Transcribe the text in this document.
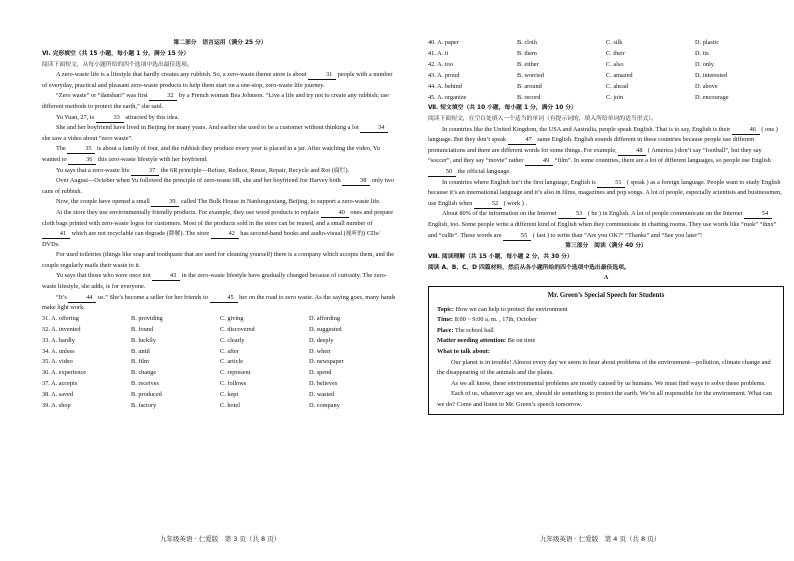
第二部分　语言运用（满分 25 分）
Ⅵ. 完形填空（共 15 小题，每小题 1 分，满分 15 分）
阅读下面短文，从每小题所给的四个选项中选出最佳选项。

A zero-waste life is a lifestyle that hardly creates any rubbish. So, a zero-waste theme store is about	31 people with a number of everyday, practical and pleasant zero-waste products to help them start on a one-stop, zero-waste life journey.

“Zero waste” or “danshari” was first	32 by a French woman Bea Johnson. “Live a life and try not to create any rubbish; use different methods to protect the earth,” she said.

Yu Yuan, 27, is	33 attracted by this idea.

She and her boyfriend have lived in Beijing for many years. And earlier she used to be a customer without thinking a lot	34 she saw a video about “zero waste”.

The	35 is about a family of four, and the rubbish they produce every year is placed in a jar. After watching the video, Yu wanted to	36 this zero-waste lifestyle with her boyfriend.

Yu says that a zero-waste life	37 the 6R principle—Refuse, Reduce, Reuse, Repair, Recycle and Rot (腐烂).

Over August—October when Yu followed the principle of zero-waste 6R, she and her boyfriend Joe Harvey both	38 only two cans of rubbish.

Now, the couple have opened a small	39 called The Bulk House in Nanluoguxiang, Beijing, to support a zero-waste life.

At the store they use environmentally friendly products. For example, they use wood products to replace	40 ones and prepare cloth bags printed with zero-waste logos for customers. Most of the products sold in the store can be reused, and a small number of 41 which are not recyclable can degrade (降解). The store	42 has second-hand books and audio-visual (视听的) CDs/ DVDs.

For used toiletries (things like soap and toothpaste that are used for cleaning yourself) there is a company which accepts them, and the couple regularly mails their waste to it.

Yu says that those who were once not	43 in the zero-waste lifestyle have gradually changed because of curiosity. The zero-waste lifestyle, she adds, is for everyone.

“It’s	44 us.” She’s become a seller for her friends to	45 her on the road to zero waste. As the saying goes, many hands make light work.

31. A. offering	B. providing	C. giving	D. affording
32. A. invented	B. found	C. discovered	D. suggested
33. A. hardly	B. luckily	C. clearly	D. deeply
34. A. unless	B. until	C. after	D. when
35. A. video	B. film	C. article	D. newspaper
36. A. experience	B. change	C. represent	D. spend
37. A. accepts	B. receives	C. follows	D. believes
38. A. saved	B. produced	C. kept	D. wasted
39. A. shop	B. factory	C. hotel	D. company
40. A. paper	B. cloth	C. silk	D. plastic
41. A. it	B. them	C. their	D. its
42. A. too	B. either	C. also	D. only
43. A. proud	B. worried	C. amazed	D. interested
44. A. behind	B. around	C. ahead	D. above
45. A. organize	B. record	C. join	D. encourage
Ⅶ. 短文填空（共 10 小题，每小题 1 分，满分 10 分）
阅读下面短文，在空白处填入一个适当的单词（有提示词的，填入所给单词的适当形式）。

In countries like the United Kingdom, the USA and Australia, people speak English. That is to say, English is their	46 ( one ) language. But they don’t speak	47 same English. English sounds different in these countries because people use different pronunciations and there are different words for some things. For example,	48 ( America ) don’t say “football”, but they say “soccer”, and they say “movie” rather	49 “film”. In some countries, there are a lot of different languages, so people use English 50 the official language.

In countries where English isn’t the first language, English is	51 ( speak ) as a foreign language. People want to study English because it’s an international language and it’s also in films, magazines and pop songs. A lot of people, especially scientists and businessmen, use English when	52 ( work ) .

About 80% of the information on the Internet	53 ( be ) in English. A lot of people communicate on the Internet	54 English, too. Some people write a different kind of English when they communicate in chatting rooms. They use words like “ruok” “thnx” and “cul8r”. These words are	55 ( fast ) to write than “Are you OK?” “Thanks” and “See you later”!

第三部分　阅读（满分 40 分）
Ⅷ. 阅读理解（共 15 小题，每小题 2 分，共 30 分）
阅读 A、B、C、D 四篇材料，然后从各小题所给的四个选项中选出最佳选项。
A
Mr. Green’s Special Speech for Students

Topic: How we can help to protect the environment

Time: 8:00 ~ 9:00 a. m. , 17th, October

Place: The school hall

Matter needing attention: Be on time

What to talk about:

Our planet is in trouble! Almost every day we seem to hear about problems of the environment—pollution, climate change and the disappearing of the animals and the plants.

As we all know, these environmental problems are mostly caused by us humans. We must find ways to solve these problems.

Each of us, whatever age we are, should do something to protect the earth. We’re all responsible for the environment. What can we do? Come and listen to Mr. Green’s speech tomorrow.

九年级英语 · 仁爱版　第 3 页（共 8 页）	九年级英语 · 仁爱版　第 4 页（共 8 页）
